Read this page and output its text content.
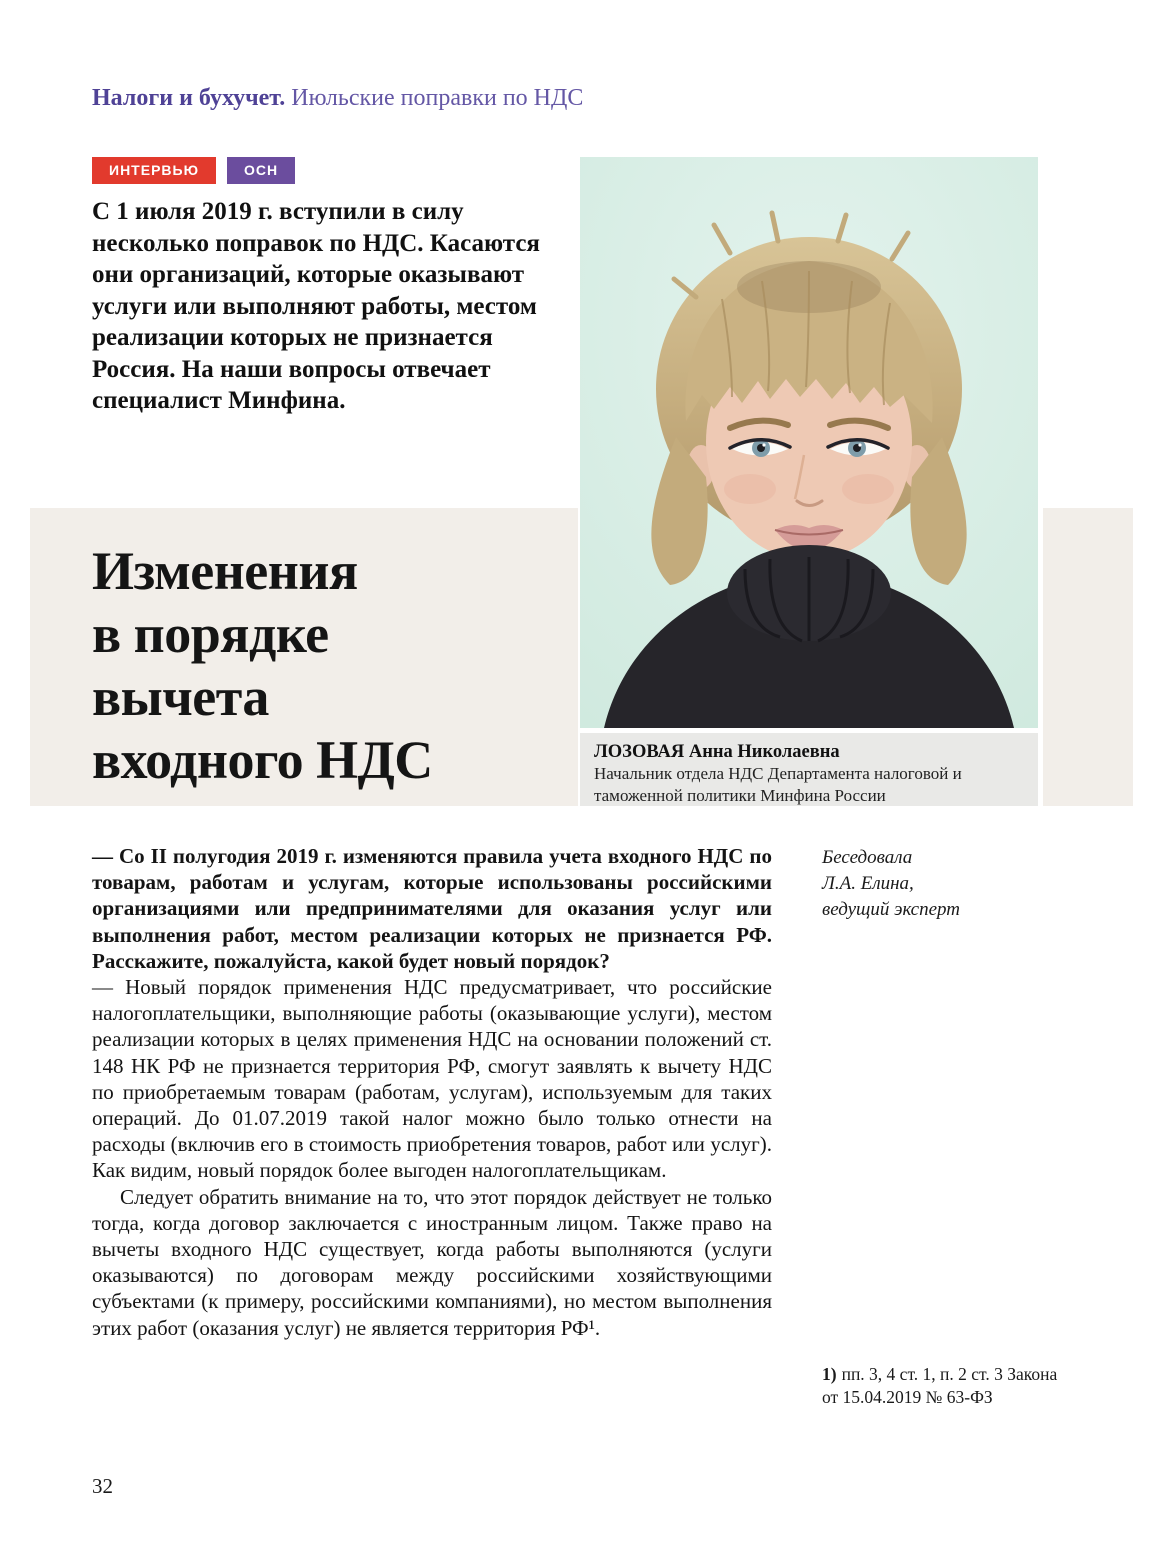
Налоги и бухучет. Июльские поправки по НДС
ИНТЕРВЬЮ	ОСН

С 1 июля 2019 г. вступили в силу несколько поправок по НДС. Касаются они организаций, которые оказывают услуги или выполняют работы, местом реализации которых не признается Россия. На наши вопросы отвечает специалист Минфина.

Изменения
в порядке
вычета
входного НДС	ЛОЗОВАЯ Анна Николаевна
Начальник отдела НДС Департамента налоговой и таможенной политики Минфина России

— Со II полугодия 2019 г. изменяются правила учета входного НДС по товарам, работам и услугам, которые использованы российскими организациями или предпринимателями для оказания услуг или выполнения работ, местом реализации которых не признается РФ. Расскажите, пожалуйста, какой будет новый порядок?

— Новый порядок применения НДС предусматривает, что российские налогоплательщики, выполняющие работы (оказывающие услуги), местом реализации которых в целях применения НДС на основании положений ст. 148 НК РФ не признается территория РФ, смогут заявлять к вычету НДС по приобретаемым товарам (работам, услугам), используемым для таких операций. До 01.07.2019 такой налог можно было только отнести на расходы (включив его в стоимость приобретения товаров, работ или услуг). Как видим, новый порядок более выгоден налогоплательщикам.

Следует обратить внимание на то, что этот порядок действует не только тогда, когда договор заключается с иностранным лицом. Также право на вычеты входного НДС существует, когда работы выполняются (услуги оказываются) по договорам между российскими хозяйствующими субъектами (к примеру, российскими компаниями), но местом выполнения этих работ (оказания услуг) не является территория РФ¹.

Беседовала
Л.А. Елина,
ведущий эксперт
1) пп. 3, 4 ст. 1, п. 2 ст. 3 Закона
от 15.04.2019 № 63-ФЗ
32
